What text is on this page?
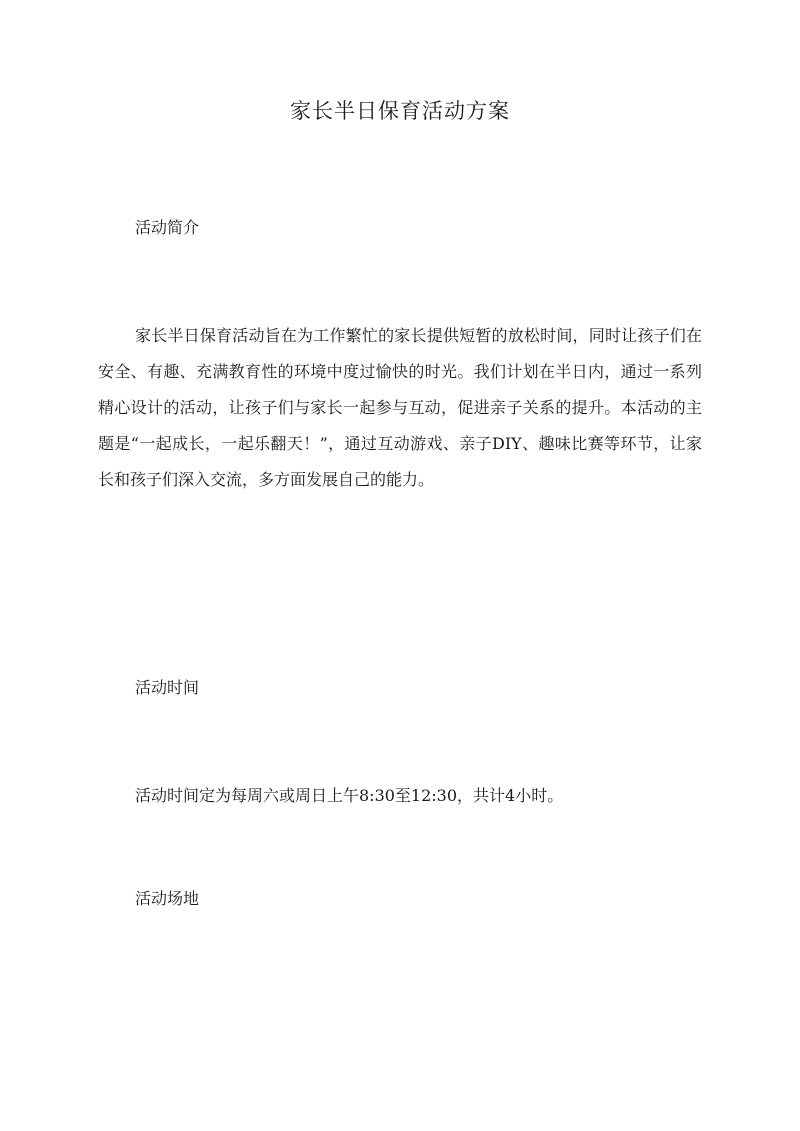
家长半日保育活动方案
活动简介

家长半日保育活动旨在为工作繁忙的家长提供短暂的放松时间，同时让孩子们在安全、有趣、充满教育性的环境中度过愉快的时光。我们计划在半日内，通过一系列精心设计的活动，让孩子们与家长一起参与互动，促进亲子关系的提升。本活动的主题是“一起成长，一起乐翻天！”，通过互动游戏、亲子DIY、趣味比赛等环节，让家长和孩子们深入交流，多方面发展自己的能力。

活动时间

活动时间定为每周六或周日上午8:30至12:30，共计4小时。

活动场地
